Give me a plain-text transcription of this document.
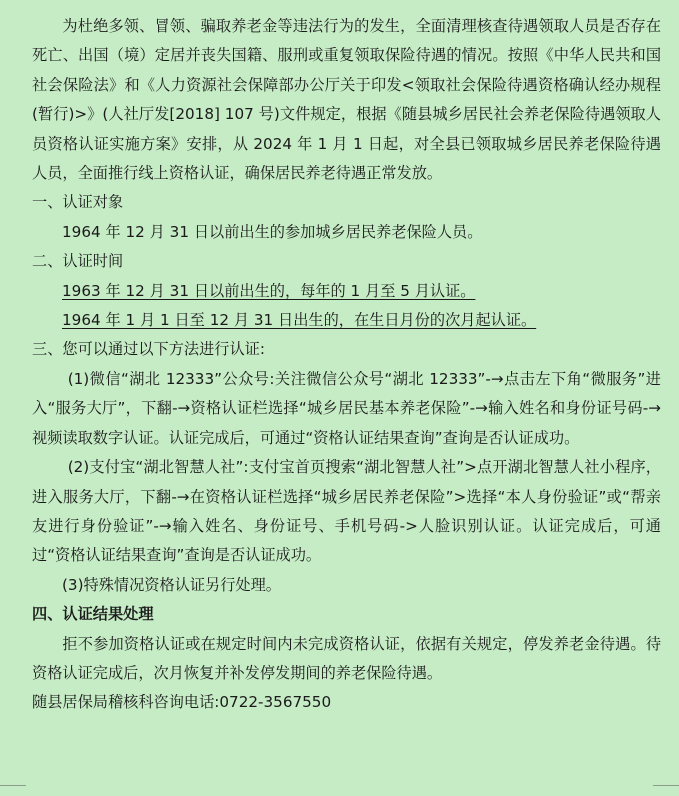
为杜绝多领、冒领、骗取养老金等违法行为的发生，全面清理核查待遇领取人员是否存在死亡、出国（境）定居并丧失国籍、服刑或重复领取保险待遇的情况。按照《中华人民共和国社会保险法》和《人力资源社会保障部办公厅关于印发<领取社会保险待遇资格确认经办规程(暂行)>》(人社厅发[2018] 107 号)文件规定，根据《随县城乡居民社会养老保险待遇领取人员资格认证实施方案》安排，从 2024 年 1 月 1 日起，对全县已领取城乡居民养老保险待遇人员，全面推行线上资格认证，确保居民养老待遇正常发放。

一、认证对象

1964 年 12 月 31 日以前出生的参加城乡居民养老保险人员。

二、认证时间

1963 年 12 月 31 日以前出生的，每年的 1 月至 5 月认证。

1964 年 1 月 1 日至 12 月 31 日出生的，在生日月份的次月起认证。

三、您可以通过以下方法进行认证:

(1)微信“湖北 12333”公众号:关注微信公众号“湖北 12333”-→点击左下角“微服务”进入“服务大厅”，下翻-→资格认证栏选择“城乡居民基本养老保险”-→输入姓名和身份证号码-→视频读取数字认证。认证完成后，可通过“资格认证结果查询”查询是否认证成功。

(2)支付宝“湖北智慧人社”:支付宝首页搜索“湖北智慧人社”>点开湖北智慧人社小程序，进入服务大厅，下翻-→在资格认证栏选择“城乡居民养老保险”>选择“本人身份验证”或“帮亲友进行身份验证”-→输入姓名、身份证号、手机号码->人脸识别认证。认证完成后，可通过“资格认证结果查询”查询是否认证成功。

(3)特殊情况资格认证另行处理。

四、认证结果处理

拒不参加资格认证或在规定时间内未完成资格认证，依据有关规定，停发养老金待遇。待资格认证完成后，次月恢复并补发停发期间的养老保险待遇。

随县居保局稽核科咨询电话:0722-3567550
